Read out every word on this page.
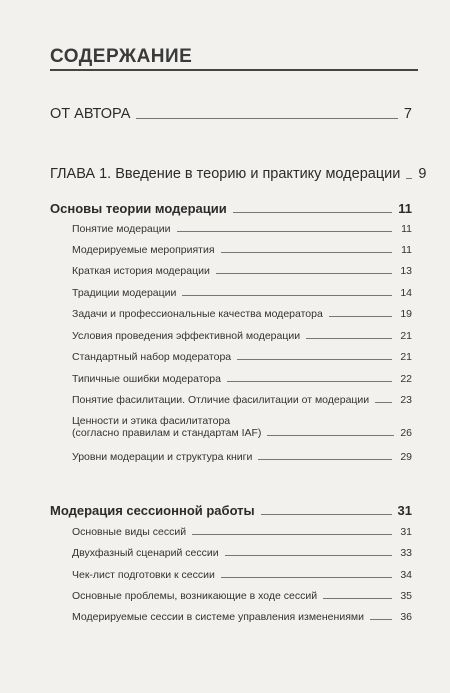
СОДЕРЖАНИЕ
ОТ АВТОРА	7
ГЛАВА 1. Введение в теорию и практику модерации 9
Основы теории модерации	11
Понятие модерации	11
Модерируемые мероприятия	11
Краткая история модерации	13
Традиции модерации	14
Задачи и профессиональные качества модератора	19
Условия проведения эффективной модерации	21
Стандартный набор модератора	21
Типичные ошибки модератора	22
Понятие фасилитации. Отличие фасилитации от модерации	23
Ценности и этика фасилитатора
(согласно правилам и стандартам IAF)	26
Уровни модерации и структура книги	29
Модерация сессионной работы	31
Основные виды сессий	31
Двухфазный сценарий сессии	33
Чек-лист подготовки к сессии	34
Основные проблемы, возникающие в ходе сессий	35
Модерируемые сессии в системе управления изменениями	36
